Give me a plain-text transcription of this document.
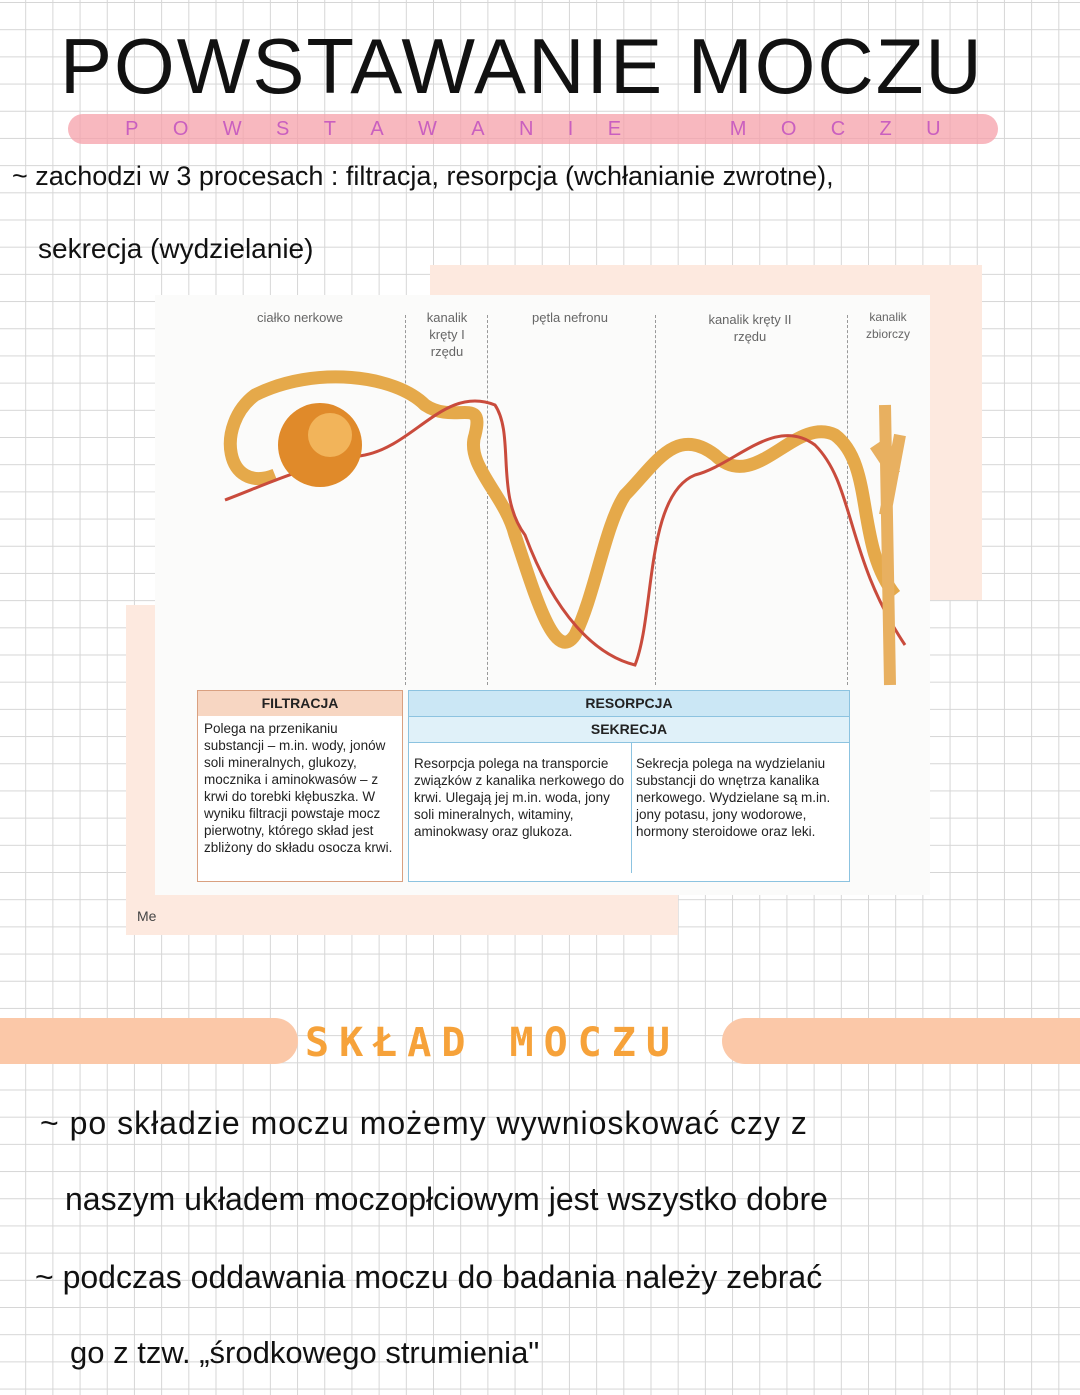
POWSTAWANIE MOCZU
P O W S T A W A N I E	M O C Z U
~ zachodzi w 3 procesach : filtracja, resorpcja (wchłanianie zwrotne),
sekrecja (wydzielanie)
Me
ciałko nerkowe	kanalik kręty I rzędu
pętla nefronu	kanalik kręty II rzędu
kanalik zbiorczy
FILTRACJA
Polega na przenikaniu substancji – m.in. wody, jonów soli mineralnych, glukozy, mocznika i aminokwasów – z krwi do torebki kłębuszka. W wyniku filtracji powstaje mocz pierwotny, którego skład jest zbliżony do składu osocza krwi.
RESORPCJA
SEKRECJA
Resorpcja polega na transporcie związków z kanalika nerkowego do krwi. Ulegają jej m.in. woda, jony soli mineralnych, witaminy, aminokwasy oraz glukoza.
Sekrecja polega na wydzielaniu substancji do wnętrza kanalika nerkowego. Wydzielane są m.in. jony potasu, jony wodorowe, hormony steroidowe oraz leki.
SKŁAD MOCZU
~ po składzie moczu możemy wywnioskować czy z
naszym układem moczopłciowym jest wszystko dobre
~ podczas oddawania moczu do badania należy zebrać
go z tzw. „środkowego strumienia"
